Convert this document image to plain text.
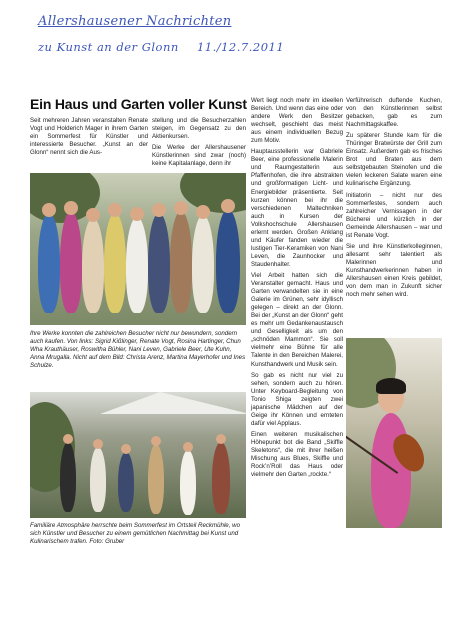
Allershausener Nachrichten
zu Kunst an der Glonn 11./12.7.2011
Ein Haus und Garten voller Kunst

Seit mehreren Jahren veranstalten Renate Vogt und Holderich Mager in ihrem Garten ein Sommerfest für Künstler und interessierte Besucher. „Kunst an der Glonn“ nennt sich die Aus-

stellung und die Besucherzahlen steigen, im Gegensatz zu den Aktienkursen.

Die Werke der Allershausener Künstlerinnen sind zwar (noch) keine Kapitalanlage, denn ihr

Ihre Werke konnten die zahlreichen Besucher nicht nur bewundern, sondern auch kaufen. Von links: Sigrid Kißlinger, Renate Vogt, Rosina Hartinger, Chun Wha Krauthäuser, Roswitha Bühler, Nani Leven, Gabriele Beer, Ute Kuhn, Anna Mrugalla. Nicht auf dem Bild: Christa Arenz, Martina Mayerhofer und Ines Schulze.
Familiäre Atmosphäre herrschte beim Sommerfest im Ortsteil Reckmühle, wo sich Künstler und Besucher zu einem gemütlichen Nachmittag bei Kunst und Kulinarischem trafen. Foto: Gruber

Wert liegt noch mehr im ideellen Bereich. Und wenn das eine oder andere Werk den Besitzer wechselt, geschieht das meist aus einem individuellen Bezug zum Motiv.

Hauptausstellerin war Gabriele Beer, eine professionelle Malerin und Raumgestalterin aus Pfaffenhofen, die ihre abstrakten und großformatigen Licht- und Energiebilder präsentierte. Seit kurzen können bei ihr die verschiedenen Maltechniken auch in Kursen der Volkshochschule Allershausen erlernt werden. Großen Anklang und Käufer fanden wieder die lustigen Tier-Keramiken von Nani Leven, die Zaunhocker und Staudenhalter.

Viel Arbeit hatten sich die Veranstalter gemacht. Haus und Garten verwandelten sie in eine Galerie im Grünen, sehr idyllisch gelegen – direkt an der Glonn. Bei der „Kunst an der Glonn“ geht es mehr um Gedankenaustausch und Geselligkeit als um den „schnöden Mammon“. Sie soll vielmehr eine Bühne für alle Talente in den Bereichen Malerei, Kunsthandwerk und Musik sein.

So gab es nicht nur viel zu sehen, sondern auch zu hören. Unter Keyboard-Begleitung von Tonio Shiga zeigten zwei japanische Mädchen auf der Geige ihr Können und ernteten dafür viel Applaus.

Einen weiteren musikalischen Höhepunkt bot die Band „Skiffle Skeletons“, die mit ihrer heißen Mischung aus Blues, Skiffle und Rock’n’Roll das Haus oder vielmehr den Garten „rockte.“

Verführerisch duftende Kuchen, von den Künstlerinnen selbst gebacken, gab es zum Nachmittagskaffee.

Zu späterer Stunde kam für die Thüringer Bratwürste der Grill zum Einsatz. Außerdem gab es frisches Brot und Braten aus dem selbstgebauten Steinofen und die vielen leckeren Salate waren eine kulinarische Ergänzung.

Initiatorin – nicht nur des Sommerfestes, sondern auch zahlreicher Vernissagen in der Bücherei und kürzlich in der Gemeinde Allershausen – war und ist Renate Vogt.

Sie und ihre Künstlerkolleginnen, allesamt sehr talentiert als Malerinnen und Kunsthandwerkerinnen haben in Allershausen einen Kreis gebildet, von dem man in Zukunft sicher noch mehr sehen wird.
